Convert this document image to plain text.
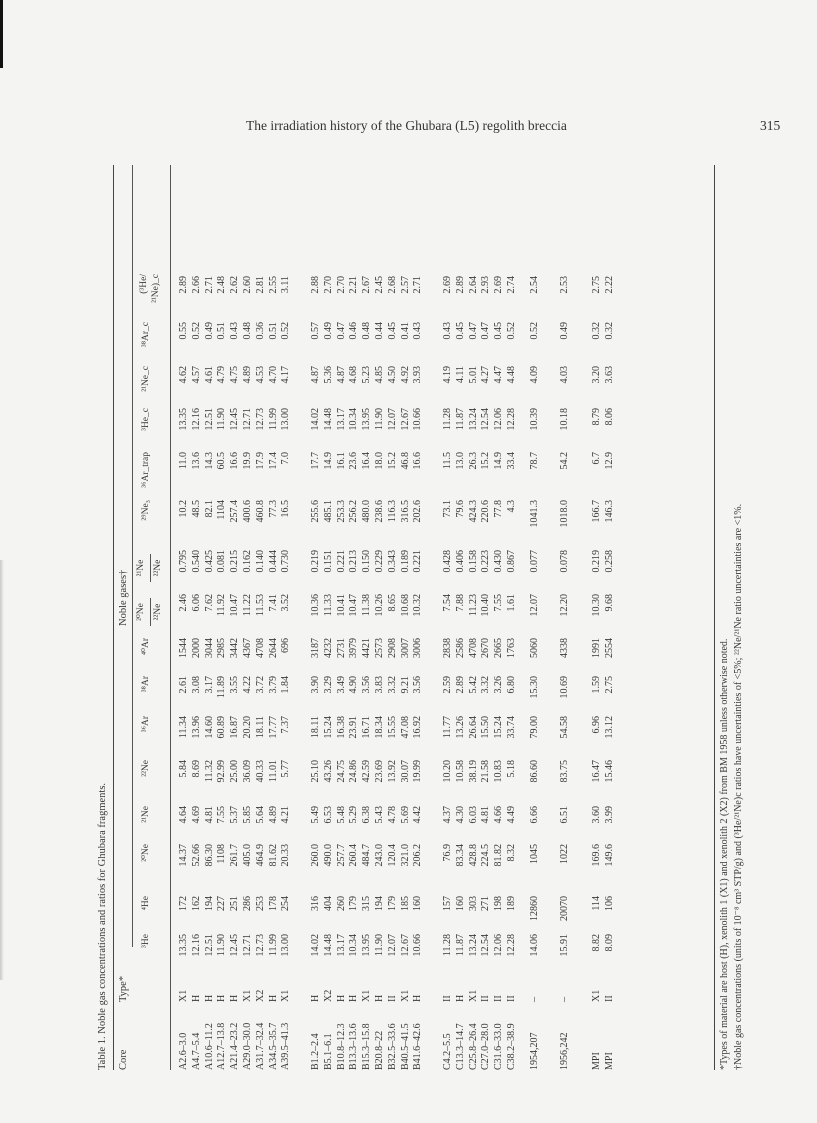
The irradiation history of the Ghubara (L5) regolith breccia	315
Table 1. Noble gas concentrations and ratios for Ghubara fragments. Core
Type*
Noble gases†
³He
⁴He
²⁰Ne
²¹Ne
²²Ne
³⁶Ar
³⁸Ar
⁴⁰Ar
²⁹Ne₃
³⁶Ar_trap
³He_c
²¹Ne_c
³⁸Ar_c
²⁰Ne ²²Ne
²¹Ne ²²Ne
(³He/
²¹Ne)_c
A2.6–3.0 A4.7–5.4 A10.6–11.2 A12.7–13.8 A21.4–23.2 A29.0–30.0 A31.7–32.4 A34.5–35.7 A39.5–41.3
X1 H H H H X1 X2 H X1
13.35 12.16 12.51 11.90 12.45 12.71 12.73 11.99 13.00
172 162 194 227 251 286 253 178 254
14.37 52.66 86.30 1108 261.7 405.0 464.9 81.62 20.33
4.64 4.69 4.81 7.55 5.37 5.85 5.64 4.89 4.21
5.84 8.69 11.32 92.99 25.00 36.09 40.33 11.01 5.77
11.34 13.96 14.60 60.89 16.87 20.20 18.11 17.77 7.37
2.61 3.08 3.17 11.89 3.55 4.22 3.72 3.79 1.84
1544 2000 3044 2985 3442 4367 4708 2644 696
2.46 6.06 7.62 11.92 10.47 11.22 11.53 7.41 3.52
0.795 0.540 0.425 0.081 0.215 0.162 0.140 0.444 0.730
10.2 48.5 82.1 1104 257.4 400.6 460.8 77.3 16.5
11.0 13.6 14.3 60.5 16.6 19.9 17.9 17.4 7.0
13.35 12.16 12.51 11.90 12.45 12.71 12.73 11.99 13.00
4.62 4.57 4.61 4.79 4.75 4.89 4.53 4.70 4.17
0.55 0.52 0.49 0.51 0.43 0.48 0.36 0.51 0.52
2.89 2.66 2.71 2.48 2.62 2.60 2.81 2.55 3.11
B1.2–2.4 B5.1–6.1 B10.8–12.3 B13.3–13.6 B15.3–15.8 B20.8–22 B32.5–33.6 B40.5–41.5 B41.6–42.6
H X2 H H X1 H II X1 H
14.02 14.48 13.17 10.34 13.95 11.90 12.07 12.67 10.66
316 404 260 179 315 194 179 185 160
260.0 490.0 257.7 260.4 484.7 243.0 120.4 321.0 206.2
5.49 6.53 5.48 5.29 6.38 5.43 4.78 5.69 4.42
25.10 43.26 24.75 24.86 42.59 23.69 13.92 30.07 19.99
18.11 15.24 16.38 23.91 16.71 18.34 15.55 47.08 16.92
3.90 3.29 3.49 4.90 3.56 3.83 3.32 9.21 3.56
3187 4232 2731 3979 4421 2573 2908 3007 3006
10.36 11.33 10.41 10.47 11.38 10.26 8.65 10.68 10.32
0.219 0.151 0.221 0.213 0.150 0.229 0.343 0.189 0.221
255.6 485.1 253.3 256.2 480.0 238.6 116.3 316.5 202.6
17.7 14.9 16.1 23.6 16.4 18.0 15.2 46.8 16.6
14.02 14.48 13.17 10.34 13.95 11.90 12.07 12.67 10.66
4.87 5.36 4.87 4.68 5.23 4.85 4.50 4.92 3.93
0.57 0.49 0.47 0.46 0.48 0.44 0.45 0.41 0.43
2.88 2.70 2.70 2.21 2.67 2.45 2.68 2.57 2.71
C4.2–5.5 C13.3–14.7 C25.8–26.4 C27.0–28.0 C31.6–33.0 C38.2–38.9
II H X1 II II II
11.28 11.87 13.24 12.54 12.06 12.28
157 160 303 271 198 189
76.9 83.34 428.8 224.5 81.82 8.32
4.37 4.30 6.03 4.81 4.66 4.49
10.20 10.58 38.19 21.58 10.83 5.18
11.77 13.26 26.64 15.50 15.24 33.74
2.59 2.89 5.42 3.32 3.26 6.80
2838 2586 4708 2670 2665 1763
7.54 7.88 11.23 10.40 7.55 1.61
0.428 0.406 0.158 0.223 0.430 0.867
73.1 79.6 424.3 220.6 77.8 4.3
11.5 13.0 26.3 15.2 14.9 33.4
11.28 11.87 13.24 12.54 12.06 12.28
4.19 4.11 5.01 4.27 4.47 4.48
0.43 0.45 0.47 0.47 0.45 0.52
2.69 2.89 2.64 2.93 2.69 2.74
1954,207
–
14.06
12860
1045
6.66
86.60
79.00
15.30
5060
12.07
0.077
1041.3
78.7
10.39
4.09
0.52
2.54
1956,242
–
15.91
20070
1022
6.51
83.75
54.58
10.69
4338
12.20
0.078
1018.0
54.2
10.18
4.03
0.49
2.53
MPI MPI
X1 II
8.82 8.09
114 106
169.6 149.6
3.60 3.99
16.47 15.46
6.96 13.12
1.59 2.75
1991 2554
10.30 9.68
0.219 0.258
166.7 146.3
6.7 12.9
8.79 8.06
3.20 3.63
0.32 0.32
2.75 2.22
*Types of material are host (H), xenolith 1 (X1) and xenolith 2 (X2) from BM 1958 unless otherwise noted. †Noble gas concentrations (units of 10⁻⁸ cm³ STP/g) and (³He/²¹Ne)c ratios have uncertainties of <5%; ²²Ne/²¹Ne ratio uncertainties are <1%.
